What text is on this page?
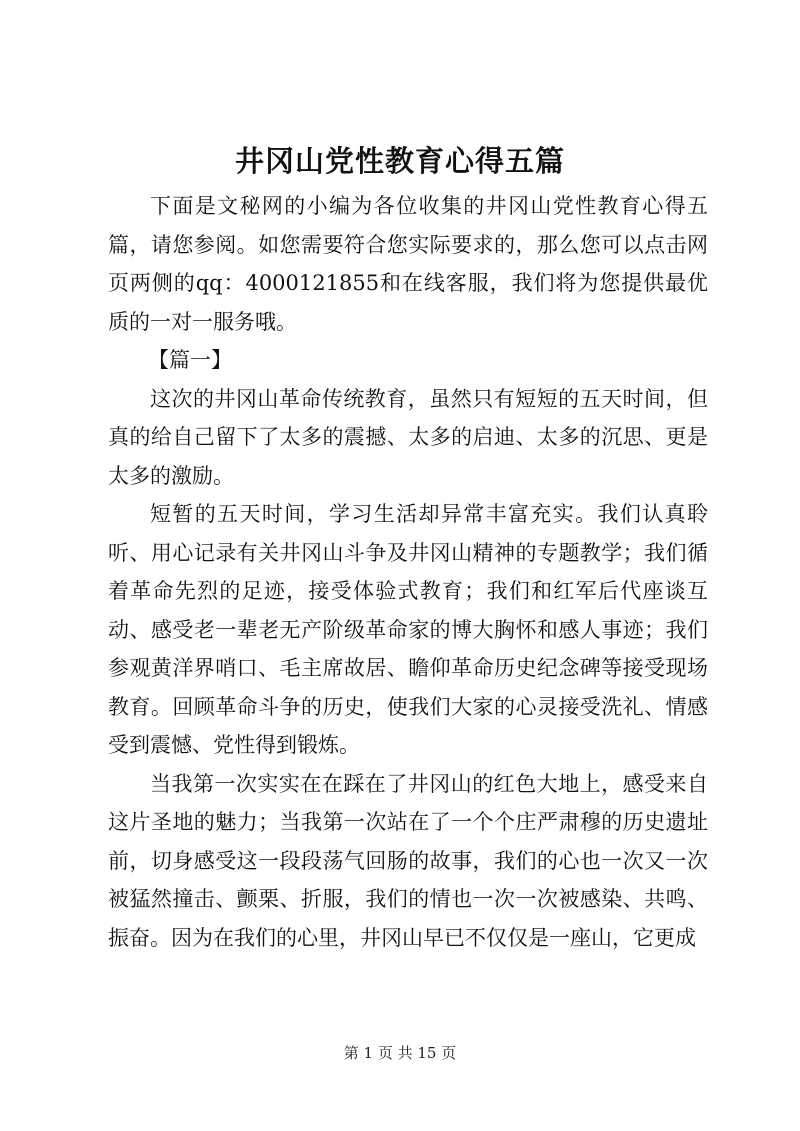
井冈山党性教育心得五篇

下面是文秘网的小编为各位收集的井冈山党性教育心得五篇，请您参阅。如您需要符合您实际要求的，那么您可以点击网页两侧的qq：4000121855和在线客服，我们将为您提供最优质的一对一服务哦。

【篇一】

这次的井冈山革命传统教育，虽然只有短短的五天时间，但真的给自己留下了太多的震撼、太多的启迪、太多的沉思、更是太多的激励。

短暂的五天时间，学习生活却异常丰富充实。我们认真聆听、用心记录有关井冈山斗争及井冈山精神的专题教学；我们循着革命先烈的足迹，接受体验式教育；我们和红军后代座谈互动、感受老一辈老无产阶级革命家的博大胸怀和感人事迹；我们参观黄洋界哨口、毛主席故居、瞻仰革命历史纪念碑等接受现场教育。回顾革命斗争的历史，使我们大家的心灵接受洗礼、情感受到震憾、党性得到锻炼。

当我第一次实实在在踩在了井冈山的红色大地上，感受来自这片圣地的魅力；当我第一次站在了一个个庄严肃穆的历史遗址前，切身感受这一段段荡气回肠的故事，我们的心也一次又一次被猛然撞击、颤栗、折服，我们的情也一次一次被感染、共鸣、振奋。因为在我们的心里，井冈山早已不仅仅是一座山，它更成

第 1 页 共 15 页
